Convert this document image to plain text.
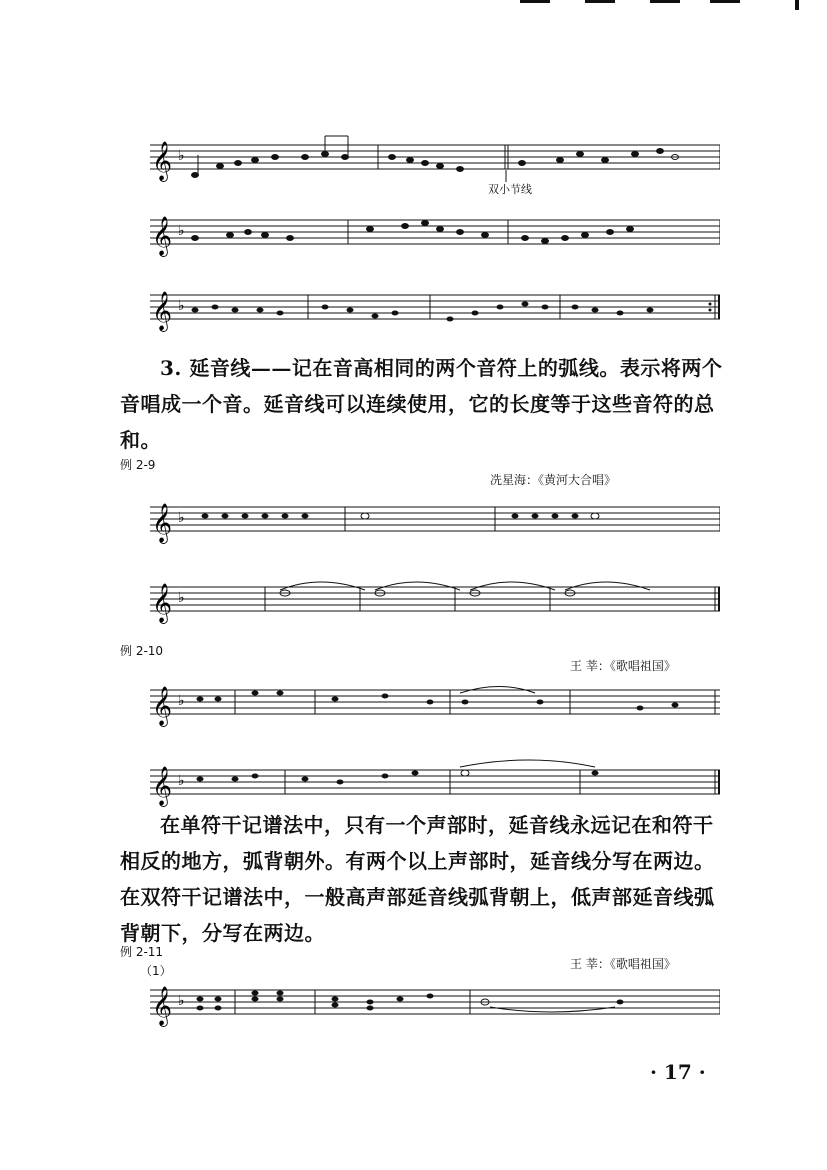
𝄞 ♭
双小节线
𝄞 ♭
𝄞 ♭
3. 延音线——记在音高相同的两个音符上的弧线。表示将两个音唱成一个音。延音线可以连续使用，它的长度等于这些音符的总和。
例 2-9
冼星海：《黄河大合唱》
𝄞 ♭
𝄞 ♭
例 2-10
王 莘：《歌唱祖国》
𝄞 ♭
𝄞 ♭
在单符干记谱法中，只有一个声部时，延音线永远记在和符干相反的地方，弧背朝外。有两个以上声部时，延音线分写在两边。在双符干记谱法中，一般高声部延音线弧背朝上，低声部延音线弧背朝下，分写在两边。
例 2-11
（1）	王 莘：《歌唱祖国》
𝄞 ♭
· 17 ·
